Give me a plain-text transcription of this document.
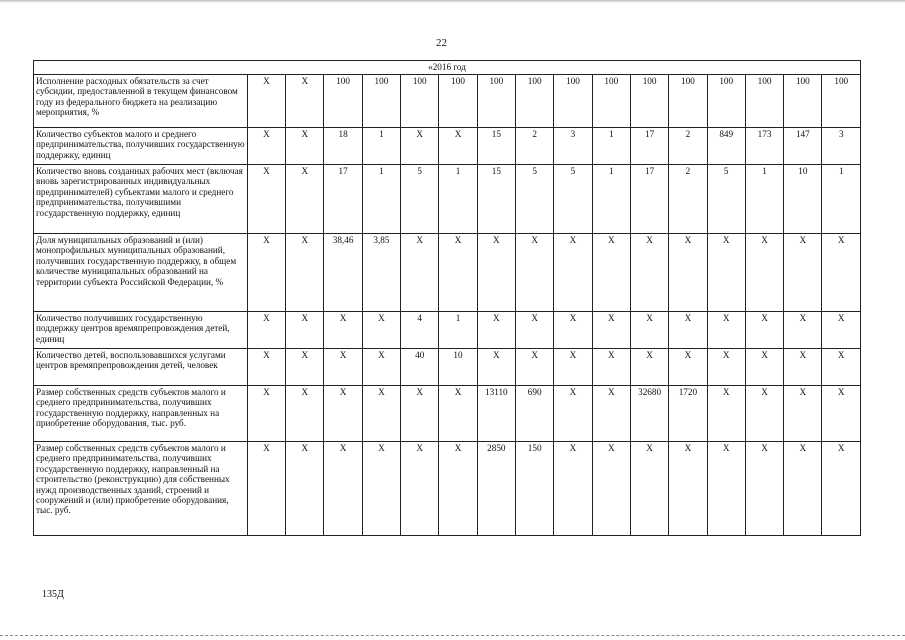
22
«2016 год																
Исполнение расходных обязательств за счет субсидии, предоставленной в текущем финансовом году из федерального бюджета на реализацию мероприятия, %	Х	Х	100	100	100	100	100	100	100	100	100	100	100	100	100	100
Количество субъектов малого и среднего предпринимательства, получивших государственную поддержку, единиц	Х	Х	18	1	Х	Х	15	2	3	1	17	2	849	173	147	3
Количество вновь созданных рабочих мест (включая вновь зарегистрированных индивидуальных предпринимателей) субъектами малого и среднего предпринимательства, получившими государственную поддержку, единиц	Х	Х	17	1	5	1	15	5	5	1	17	2	5	1	10	1
Доля муниципальных образований и (или) монопрофильных муниципальных образований, получивших государственную поддержку, в общем количестве муниципальных образований на территории субъекта Российской Федерации, %	Х	Х	38,46	3,85	Х	Х	Х	Х	Х	Х	Х	Х	Х	Х	Х	Х
Количество получивших государственную поддержку центров времяпрепровождения детей, единиц	Х	Х	Х	Х	4	1	Х	Х	Х	Х	Х	Х	Х	Х	Х	Х
Количество детей, воспользовавшихся услугами центров времяпрепровождения детей, человек	Х	Х	Х	Х	40	10	Х	Х	Х	Х	Х	Х	Х	Х	Х	Х
Размер собственных средств субъектов малого и среднего предпринимательства, получивших государственную поддержку, направленных на приобретение оборудования, тыс. руб.	Х	Х	Х	Х	Х	Х	13110	690	Х	Х	32680	1720	Х	Х	Х	Х
Размер собственных средств субъектов малого и среднего предпринимательства, получивших государственную поддержку, направленный на строительство (реконструкцию) для собственных нужд производственных зданий, строений и сооружений и (или) приобретение оборудования, тыс. руб.	Х	Х	Х	Х	Х	Х	2850	150	Х	Х	Х	Х	Х	Х	Х	Х
135Д
